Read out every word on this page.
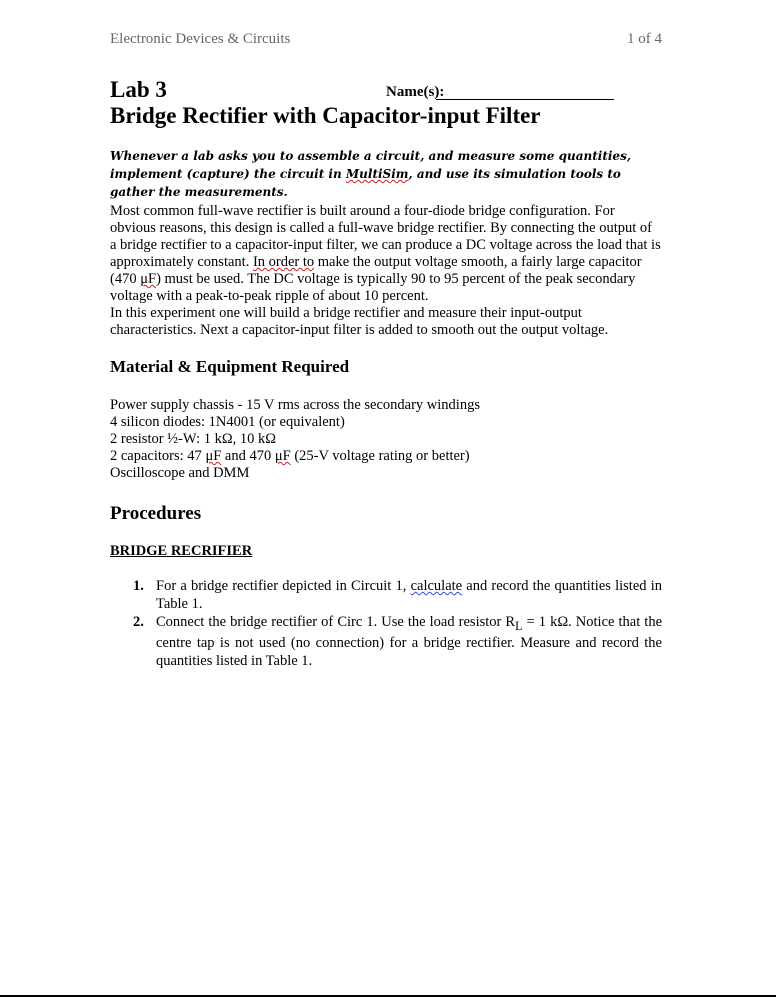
Electronic Devices & Circuits	1 of 4
Lab 3	Name(s):
Bridge Rectifier with Capacitor-input Filter
Whenever a lab asks you to assemble a circuit, and measure some quantities, implement (capture) the circuit in MultiSim, and use its simulation tools to gather the measurements.

Most common full-wave rectifier is built around a four-diode bridge configuration. For obvious reasons, this design is called a full-wave bridge rectifier. By connecting the output of a bridge rectifier to a capacitor-input filter, we can produce a DC voltage across the load that is approximately constant. In order to make the output voltage smooth, a fairly large capacitor (470 μF) must be used. The DC voltage is typically 90 to 95 percent of the peak secondary voltage with a peak-to-peak ripple of about 10 percent.

In this experiment one will build a bridge rectifier and measure their input-output characteristics. Next a capacitor-input filter is added to smooth out the output voltage.

Material & Equipment Required
Power supply chassis - 15 V rms across the secondary windings
4 silicon diodes: 1N4001 (or equivalent)
2 resistor ½-W: 1 kΩ, 10 kΩ
2 capacitors: 47 μF and 470 μF (25-V voltage rating or better)
Oscilloscope and DMM
Procedures
BRIDGE RECRIFIER
1. For a bridge rectifier depicted in Circuit 1, calculate and record the quantities listed in Table 1.
2. Connect the bridge rectifier of Circ 1. Use the load resistor $R_L = 1$ kΩ. Notice that the centre tap is not used (no connection) for a bridge rectifier. Measure and record the quantities listed in Table 1.
